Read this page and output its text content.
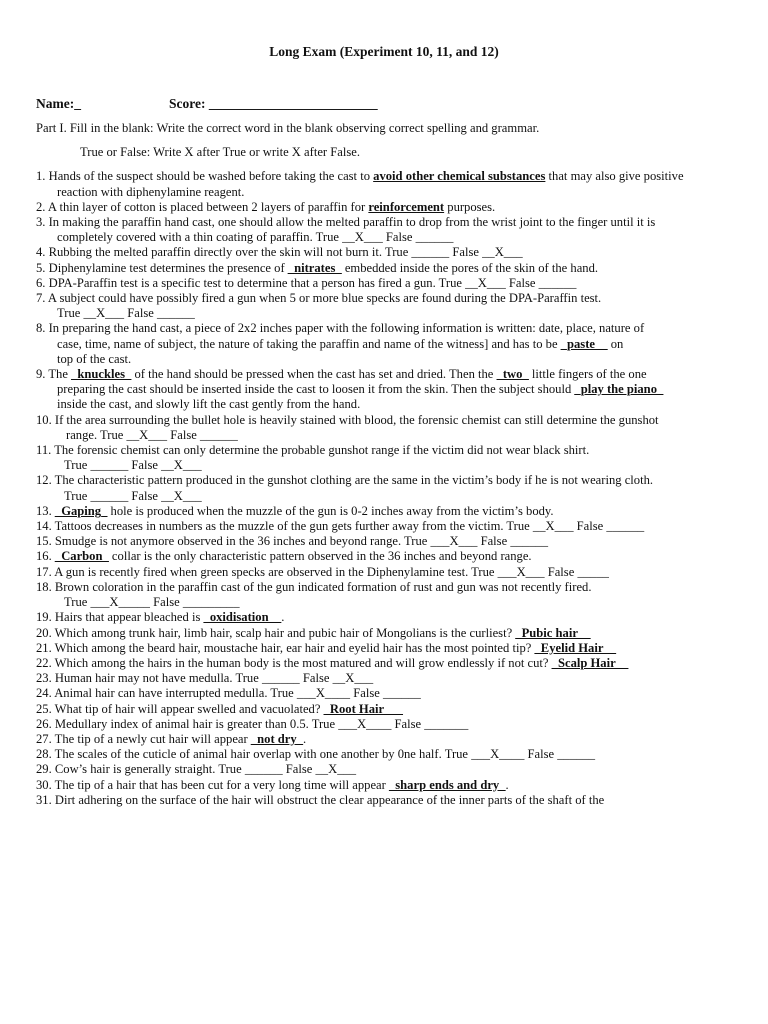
Long Exam (Experiment 10, 11, and 12)
Name:_	Score: _________________________

Part I. Fill in the blank: Write the correct word in the blank observing correct spelling and grammar.

True or False: Write X after True or write X after False.

1. Hands of the suspect should be washed before taking the cast to avoid other chemical substances that may also give positive

reaction with diphenylamine reagent.

2. A thin layer of cotton is placed between 2 layers of paraffin for reinforcement purposes.

3. In making the paraffin hand cast, one should allow the melted paraffin to drop from the wrist joint to the finger until it is

completely covered with a thin coating of paraffin. True __X___ False ______

4. Rubbing the melted paraffin directly over the skin will not burn it. True ______ False __X___

5. Diphenylamine test determines the presence of _nitrates_ embedded inside the pores of the skin of the hand.

6. DPA-Paraffin test is a specific test to determine that a person has fired a gun. True __X___ False ______

7. A subject could have possibly fired a gun when 5 or more blue specks are found during the DPA-Paraffin test.

True __X___ False ______

8. In preparing the hand cast, a piece of 2x2 inches paper with the following information is written: date, place, nature of

case, time, name of subject, the nature of taking the paraffin and name of the witness] and has to be _paste__ on

top of the cast.

9. The _knuckles_ of the hand should be pressed when the cast has set and dried. Then the _two_ little fingers of the one

preparing the cast should be inserted inside the cast to loosen it from the skin. Then the subject should _play the piano_

inside the cast, and slowly lift the cast gently from the hand.

10. If the area surrounding the bullet hole is heavily stained with blood, the forensic chemist can still determine the gunshot

range. True __X___ False ______

11. The forensic chemist can only determine the probable gunshot range if the victim did not wear black shirt.

True ______ False __X___

12. The characteristic pattern produced in the gunshot clothing are the same in the victim’s body if he is not wearing cloth.

True ______ False __X___

13. _Gaping_ hole is produced when the muzzle of the gun is 0-2 inches away from the victim’s body.

14. Tattoos decreases in numbers as the muzzle of the gun gets further away from the victim. True __X___ False ______

15. Smudge is not anymore observed in the 36 inches and beyond range. True ___X___ False ______

16. _Carbon_ collar is the only characteristic pattern observed in the 36 inches and beyond range.

17. A gun is recently fired when green specks are observed in the Diphenylamine test. True ___X___ False _____

18. Brown coloration in the paraffin cast of the gun indicated formation of rust and gun was not recently fired.

True ___X_____ False _________

19. Hairs that appear bleached is _oxidisation__.

20. Which among trunk hair, limb hair, scalp hair and pubic hair of Mongolians is the curliest? _Pubic hair__

21. Which among the beard hair, moustache hair, ear hair and eyelid hair has the most pointed tip? _Eyelid Hair__

22. Which among the hairs in the human body is the most matured and will grow endlessly if not cut? _Scalp Hair__

23. Human hair may not have medulla. True ______ False __X___

24. Animal hair can have interrupted medulla. True ___X____ False ______

25. What tip of hair will appear swelled and vacuolated? _Root Hair___

26. Medullary index of animal hair is greater than 0.5. True ___X____ False _______

27. The tip of a newly cut hair will appear _not dry_.

28. The scales of the cuticle of animal hair overlap with one another by 0ne half. True ___X____ False ______

29. Cow’s hair is generally straight. True ______ False __X___

30. The tip of a hair that has been cut for a very long time will appear _sharp ends and dry_.

31. Dirt adhering on the surface of the hair will obstruct the clear appearance of the inner parts of the shaft of the
